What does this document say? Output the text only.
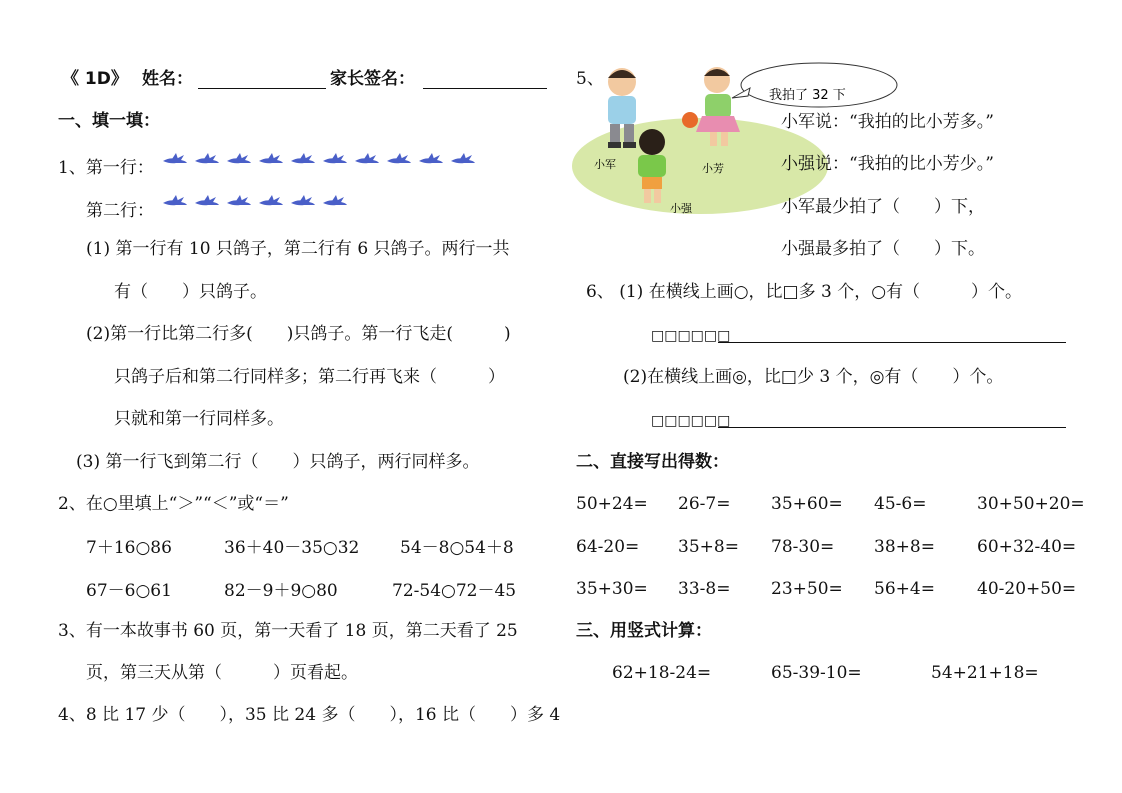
《 1D》 姓名：	家长签名：
一、填一填：
1、第一行：
第二行：
(1) 第一行有 10 只鸽子，第二行有 6 只鸽子。两行一共
有（　　）只鸽子。
(2)第一行比第二行多(　　)只鸽子。第一行飞走(　　　)
只鸽子后和第二行同样多；第二行再飞来（　　　）
只就和第一行同样多。
(3) 第一行飞到第二行（　　）只鸽子，两行同样多。
2、在○里填上“＞”“＜”或“＝”
7＋16○86	36＋40－35○32 54－8○54＋8
67－6○61	82－9＋9○80	72-54○72－45
3、有一本故事书 60 页，第一天看了 18 页，第二天看了 25
页，第三天从第（　　　）页看起。
4、8 比 17 少（　　），35 比 24 多（　　），16 比（　　）多 4
5、
我拍了 32 下
小军	小芳
小强
小军说：“我拍的比小芳多。”
小强说：“我拍的比小芳少。”
小军最少拍了（　　）下，
小强最多拍了（　　）下。
6、 (1) 在横线上画○，比□多 3 个，○有（　　　）个。
□□□□□□
(2)在横线上画◎，比□少 3 个，◎有（　　）个。
□□□□□□
二、直接写出得数：
50+24= 26-7= 35+60= 45-6=	30+50+20=
64-20= 35+8= 78-30= 38+8= 60+32-40=
35+30= 33-8= 23+50= 56+4= 40-20+50=
三、用竖式计算：
62+18-24=	65-39-10=	54+21+18=
